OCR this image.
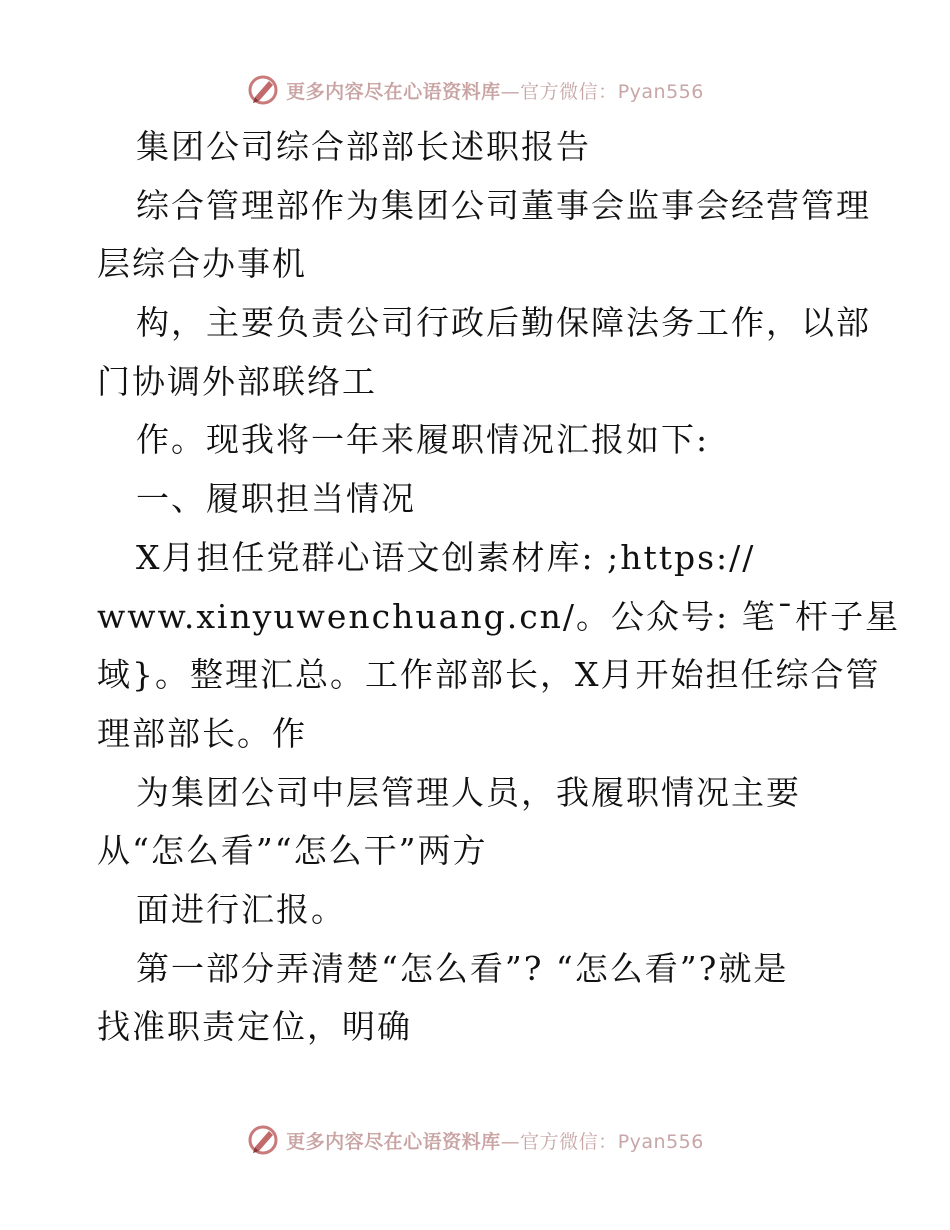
更多内容尽在心语资料库—官方微信：Pyan556
集团公司综合部部长述职报告
综合管理部作为集团公司董事会监事会经营管理
层综合办事机
构，主要负责公司行政后勤保障法务工作，以部
门协调外部联络工
作。现我将一年来履职情况汇报如下:
一、履职担当情况
X月担任党群心语文创素材库: ;https://
www.xinyuwenchuang.cn/。公众号: 笔¯杆子星
域}。整理汇总。工作部部长，X月开始担任综合管
理部部长。作
为集团公司中层管理人员，我履职情况主要
从“怎么看”“怎么干”两方
面进行汇报。
第一部分弄清楚“怎么看”? “怎么看”?就是
找准职责定位，明确
更多内容尽在心语资料库—官方微信：Pyan556
